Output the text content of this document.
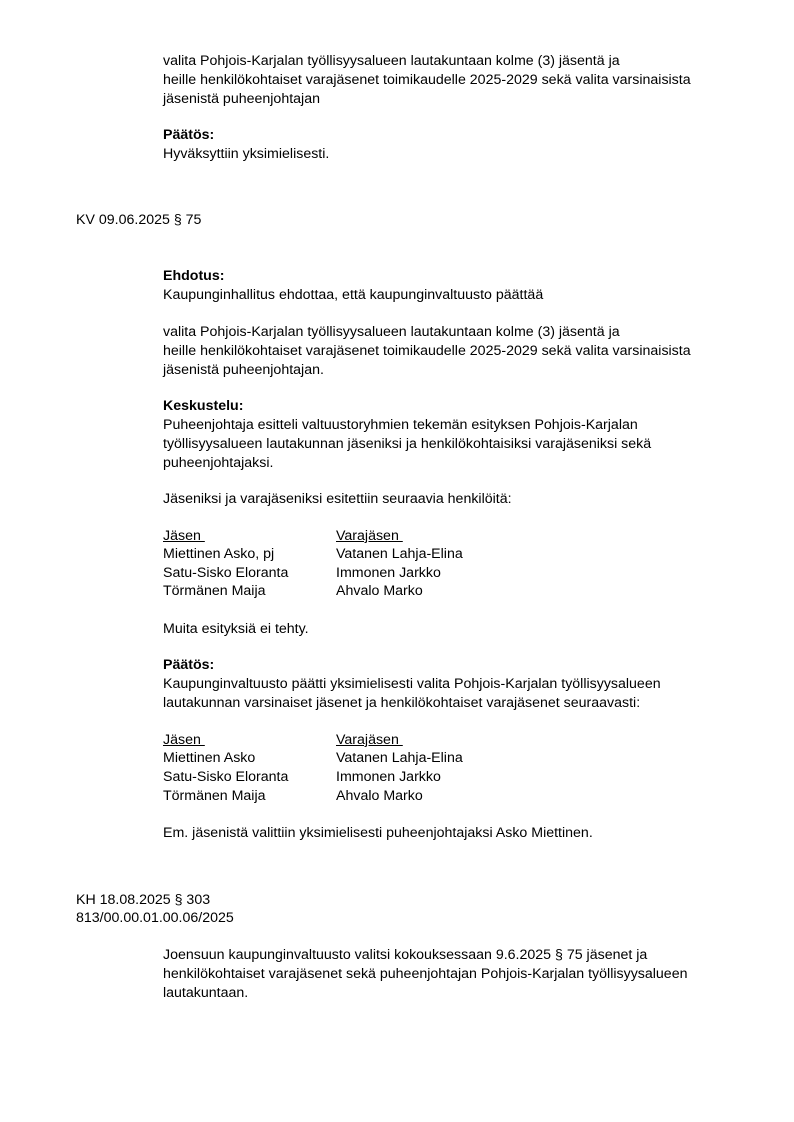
valita Pohjois-Karjalan työllisyysalueen lautakuntaan kolme (3) jäsentä ja
heille henkilökohtaiset varajäsenet toimikaudelle 2025-2029 sekä valita varsinaisista
jäsenistä puheenjohtajan
Päätös:
Hyväksyttiin yksimielisesti.
KV 09.06.2025 § 75
Ehdotus:
Kaupunginhallitus ehdottaa, että kaupunginvaltuusto päättää
valita Pohjois-Karjalan työllisyysalueen lautakuntaan kolme (3) jäsentä ja
heille henkilökohtaiset varajäsenet toimikaudelle 2025-2029 sekä valita varsinaisista
jäsenistä puheenjohtajan.
Keskustelu:
Puheenjohtaja esitteli valtuustoryhmien tekemän esityksen Pohjois-Karjalan
työllisyysalueen lautakunnan jäseniksi ja henkilökohtaisiksi varajäseniksi sekä
puheenjohtajaksi.
Jäseniksi ja varajäseniksi esitettiin seuraavia henkilöitä:
Jäsen	Varajäsen
Miettinen Asko, pj	Vatanen Lahja-Elina
Satu-Sisko Eloranta	Immonen Jarkko
Törmänen Maija	Ahvalo Marko
Muita esityksiä ei tehty.
Päätös:
Kaupunginvaltuusto päätti yksimielisesti valita Pohjois-Karjalan työllisyysalueen
lautakunnan varsinaiset jäsenet ja henkilökohtaiset varajäsenet seuraavasti:
Jäsen	Varajäsen
Miettinen Asko	Vatanen Lahja-Elina
Satu-Sisko Eloranta	Immonen Jarkko
Törmänen Maija	Ahvalo Marko
Em. jäsenistä valittiin yksimielisesti puheenjohtajaksi Asko Miettinen.
KH 18.08.2025 § 303
813/00.00.01.00.06/2025
Joensuun kaupunginvaltuusto valitsi kokouksessaan 9.6.2025 § 75 jäsenet ja
henkilökohtaiset varajäsenet sekä puheenjohtajan Pohjois-Karjalan työllisyysalueen
lautakuntaan.
